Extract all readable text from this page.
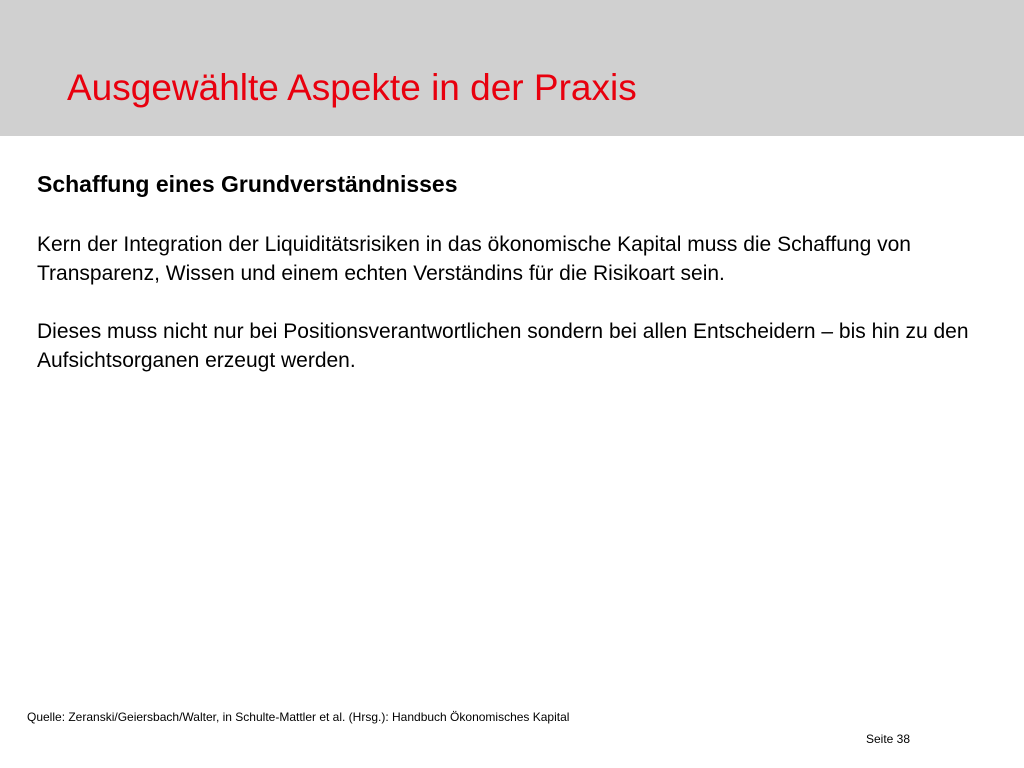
Ausgewählte Aspekte in der Praxis
Schaffung eines Grundverständnisses

Kern der Integration der Liquiditätsrisiken in das ökonomische Kapital muss die Schaffung von Transparenz, Wissen und einem echten Verständins für die Risikoart sein.

Dieses muss nicht nur bei Positionsverantwortlichen sondern bei allen Entscheidern – bis hin zu den Aufsichtsorganen erzeugt werden.

Quelle: Zeranski/Geiersbach/Walter, in Schulte-Mattler et al. (Hrsg.): Handbuch Ökonomisches Kapital
Seite 38
